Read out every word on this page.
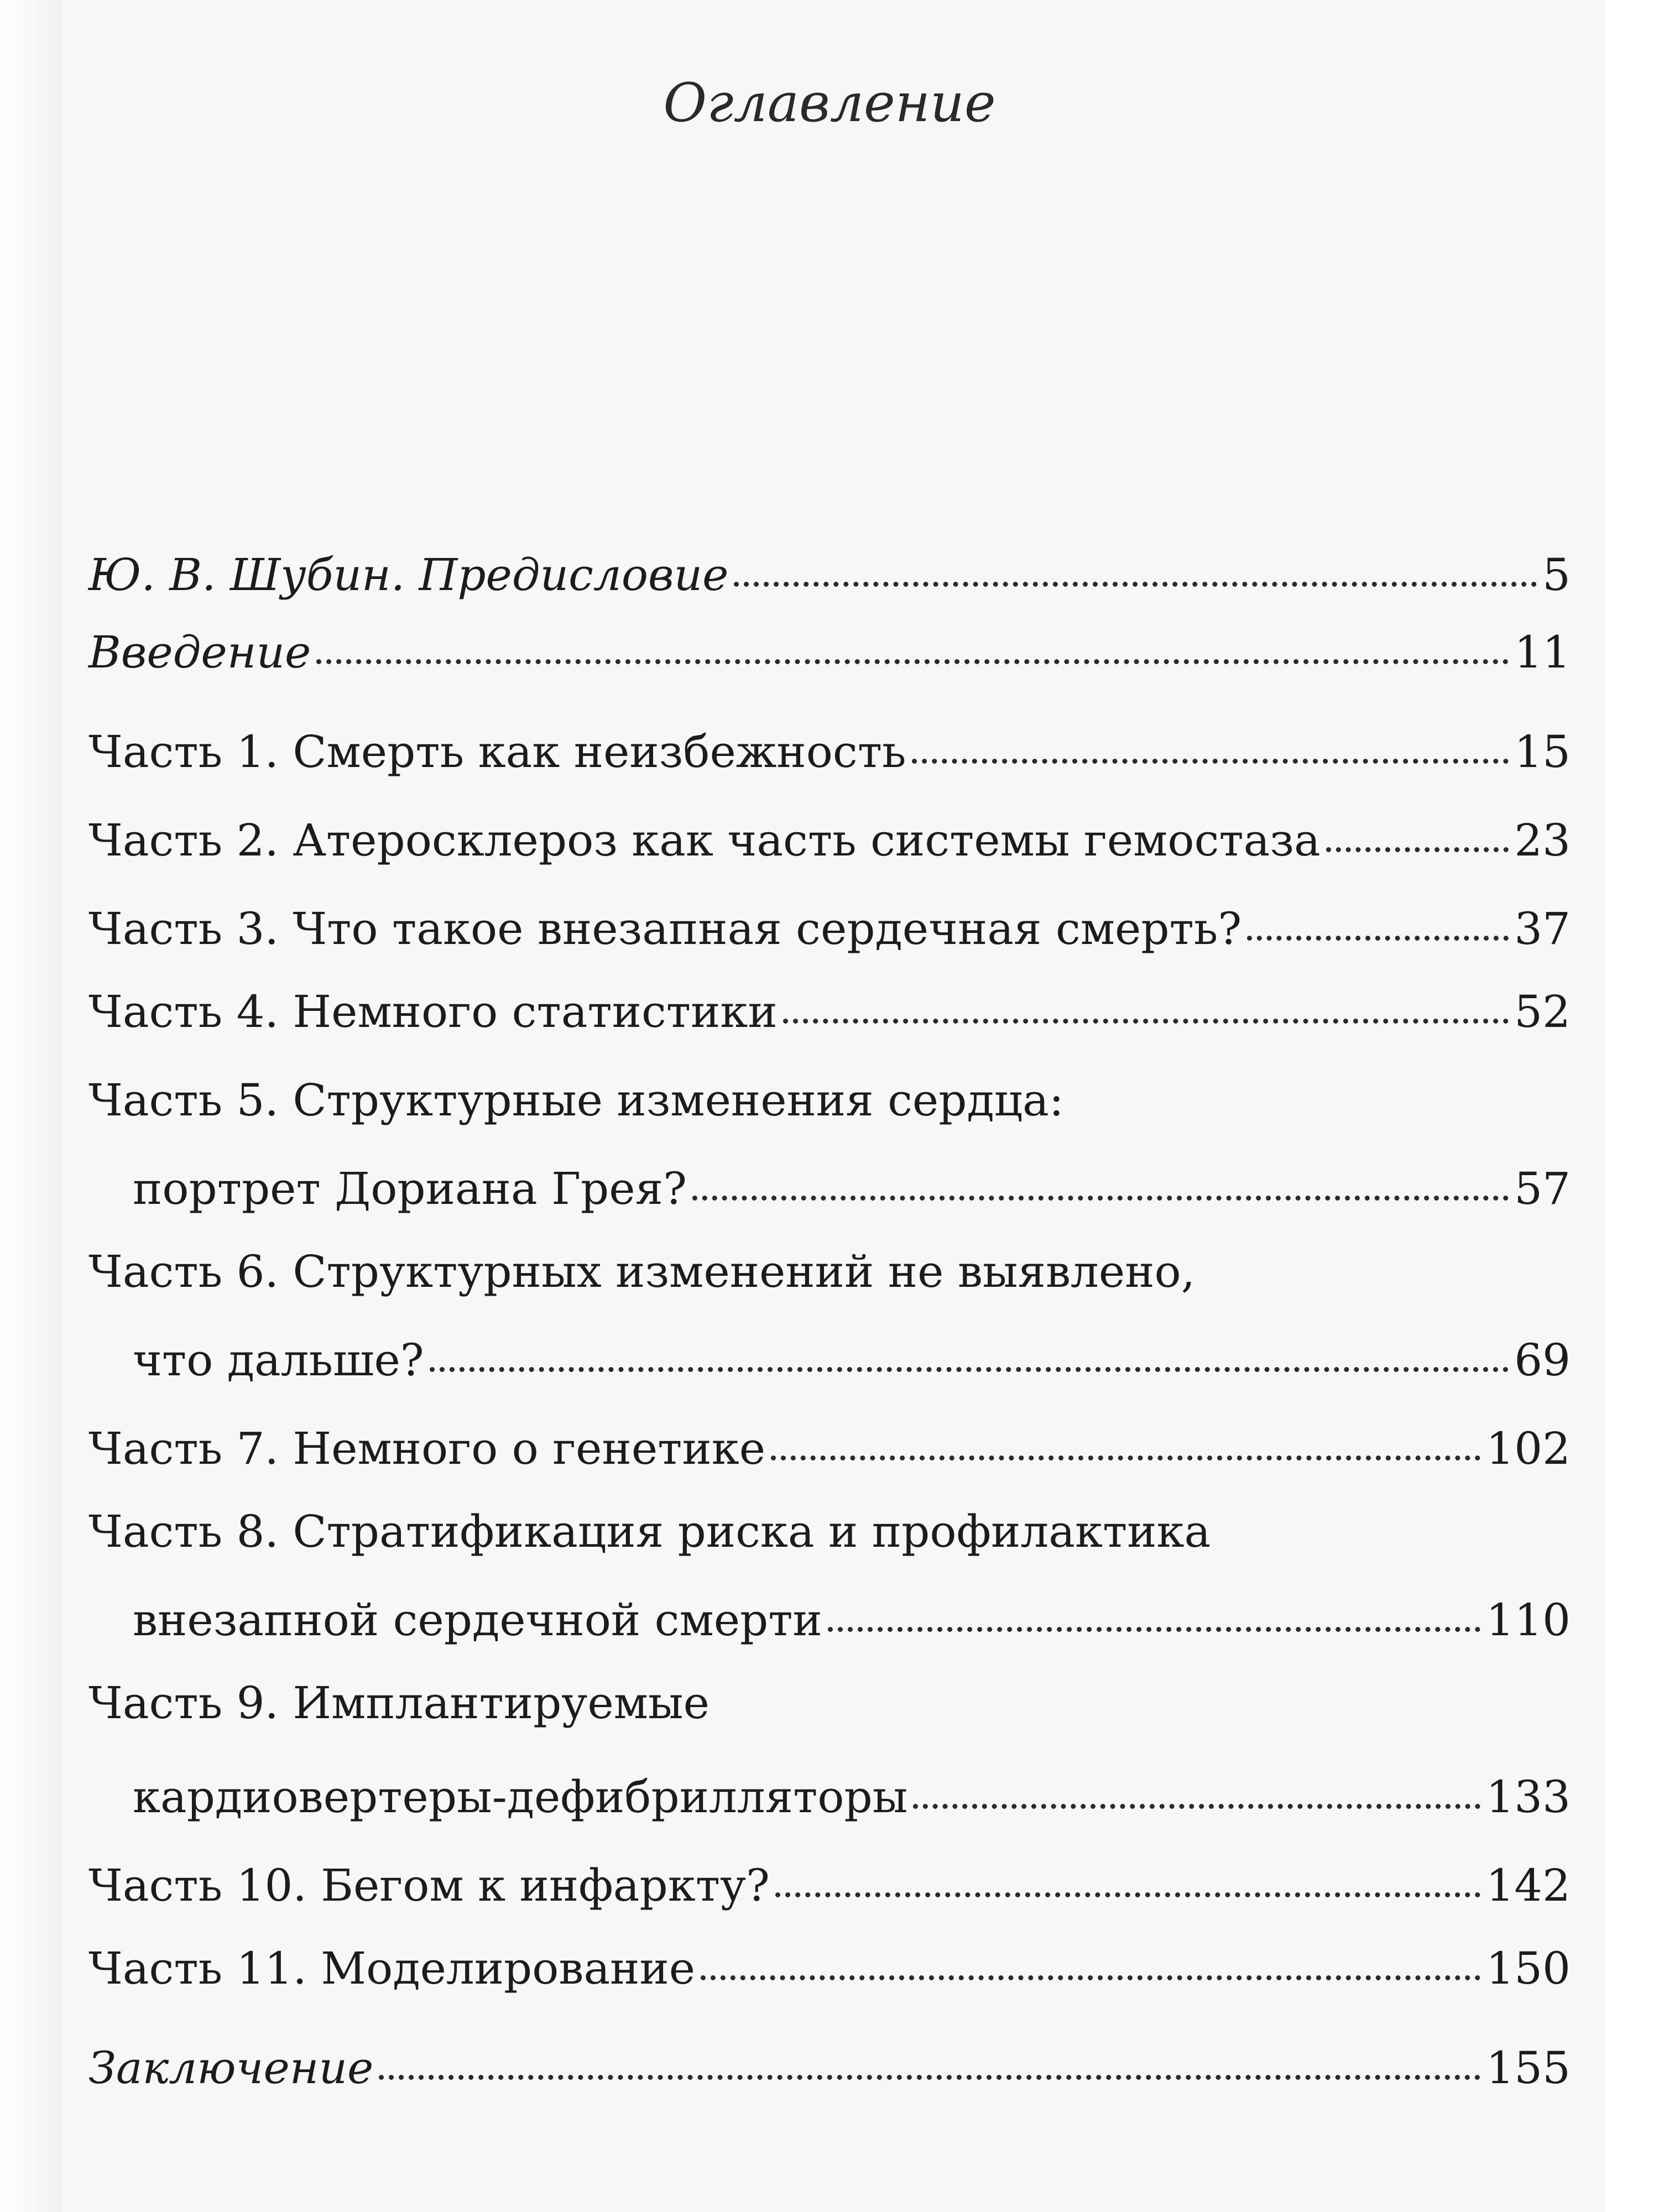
Оглавление
Ю. В. Шубин. Предисловие	5
Введение	11
Часть 1. Смерть как неизбежность	15
Часть 2. Атеросклероз как часть системы гемостаза	23
Часть 3. Что такое внезапная сердечная смерть?	37
Часть 4. Немного статистики	52
Часть 5. Структурные изменения сердца:
портрет Дориана Грея?	57
Часть 6. Структурных изменений не выявлено,
что дальше?	69
Часть 7. Немного о генетике	102
Часть 8. Стратификация риска и профилактика
внезапной сердечной смерти	110
Часть 9. Имплантируемые
кардиовертеры-дефибрилляторы	133
Часть 10. Бегом к инфаркту?	142
Часть 11. Моделирование	150
Заключение	155
